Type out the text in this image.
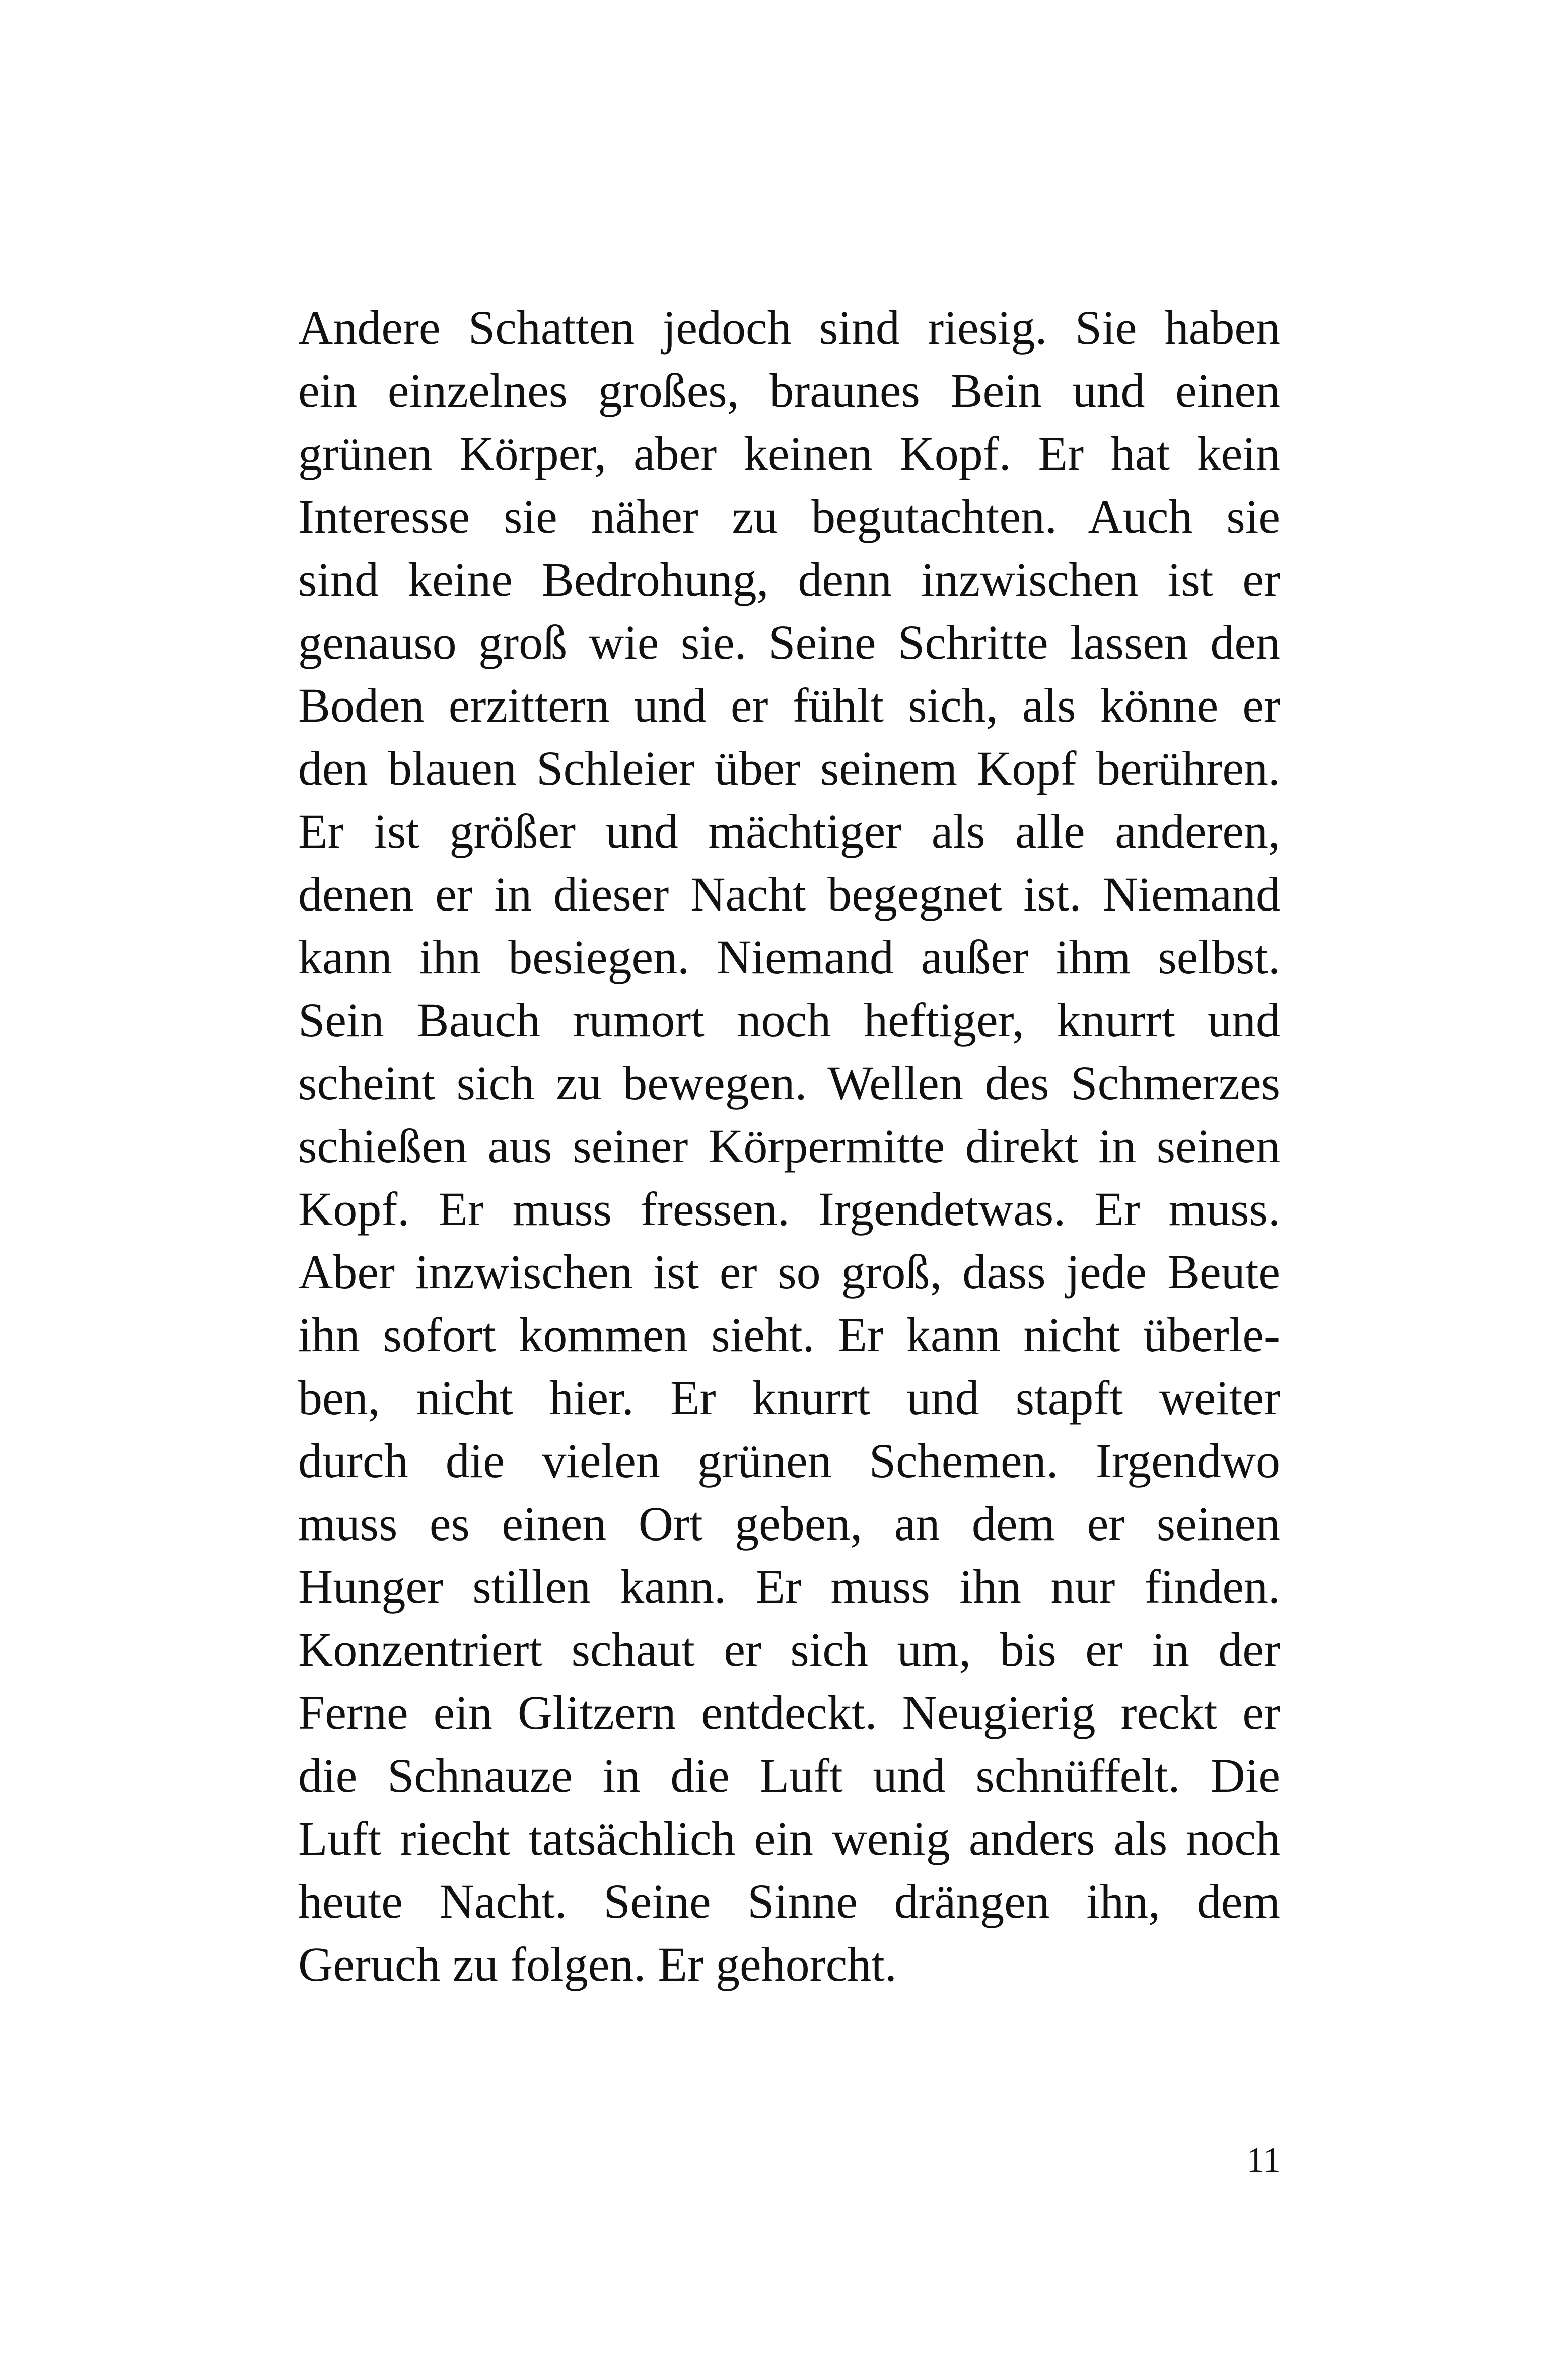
Andere Schatten jedoch sind riesig. Sie haben
ein einzelnes großes, braunes Bein und einen
grünen Körper, aber keinen Kopf. Er hat kein
Interesse sie näher zu begutachten. Auch sie
sind keine Bedrohung, denn inzwischen ist er
genauso groß wie sie. Seine Schritte lassen den
Boden erzittern und er fühlt sich, als könne er
den blauen Schleier über seinem Kopf berühren.
Er ist größer und mächtiger als alle anderen,
denen er in dieser Nacht begegnet ist. Niemand
kann ihn besiegen. Niemand außer ihm selbst.
Sein Bauch rumort noch heftiger, knurrt und
scheint sich zu bewegen. Wellen des Schmerzes
schießen aus seiner Körpermitte direkt in seinen
Kopf. Er muss fressen. Irgendetwas. Er muss.
Aber inzwischen ist er so groß, dass jede Beute
ihn sofort kommen sieht. Er kann nicht überle-
ben, nicht hier. Er knurrt und stapft weiter
durch die vielen grünen Schemen. Irgendwo
muss es einen Ort geben, an dem er seinen
Hunger stillen kann. Er muss ihn nur finden.
Konzentriert schaut er sich um, bis er in der
Ferne ein Glitzern entdeckt. Neugierig reckt er
die Schnauze in die Luft und schnüffelt. Die
Luft riecht tatsächlich ein wenig anders als noch
heute Nacht. Seine Sinne drängen ihn, dem
Geruch zu folgen. Er gehorcht.
11
